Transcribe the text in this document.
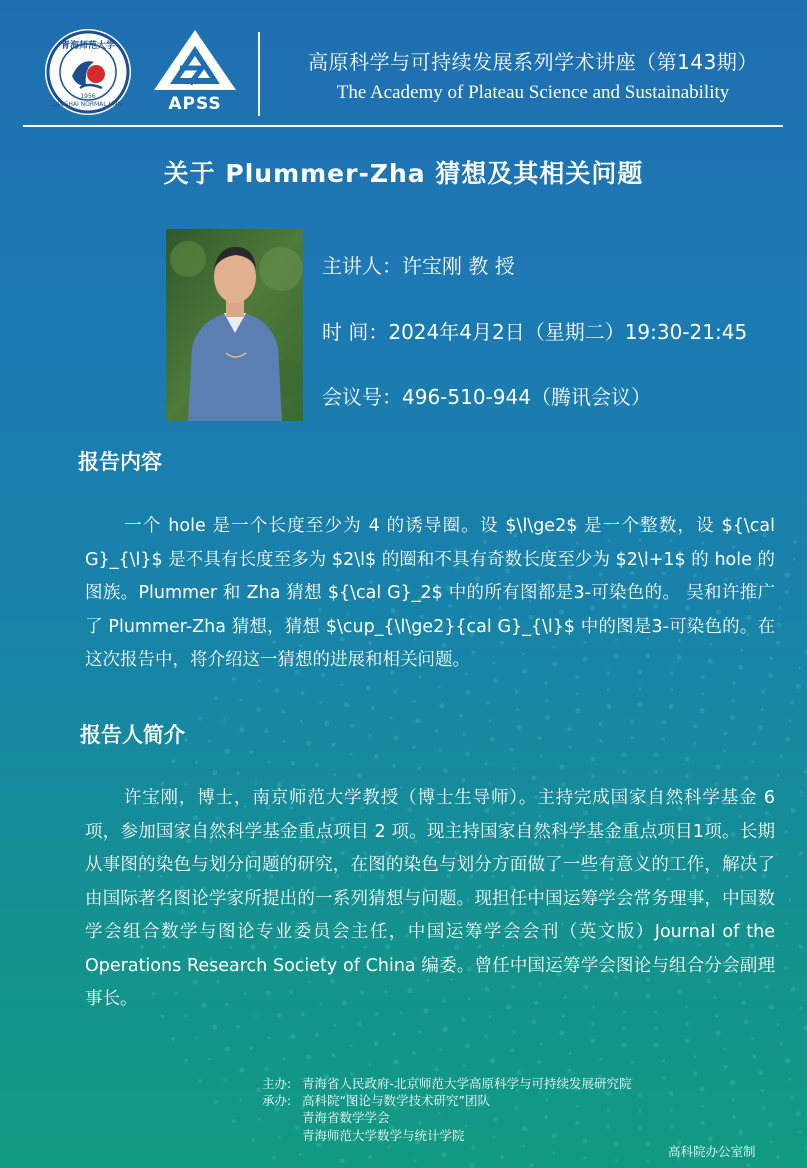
青海师范大学
QINGHAI NORMAL UNIV
1956	APSS
高原科学与可持续发展系列学术讲座（第143期）
The Academy of Plateau Science and Sustainability
关于 Plummer-Zha 猜想及其相关问题
主讲人：许宝刚 教 授
时 间：2024年4月2日（星期二）19:30-21:45
会议号：496-510-944（腾讯会议）
报告内容
一个 hole 是一个长度至少为 4 的诱导圈。设 $\l\ge2$ 是一个整数，设 ${\cal G}_{\l}$ 是不具有长度至多为 $2\l$ 的圈和不具有奇数长度至少为 $2\l+1$ 的 hole 的图族。Plummer 和 Zha 猜想 ${\cal G}_2$ 中的所有图都是3-可染色的。 吴和许推广了 Plummer-Zha 猜想，猜想 $\cup_{\l\ge2}{cal G}_{\l}$ 中的图是3-可染色的。在这次报告中，将介绍这一猜想的进展和相关问题。
报告人简介
许宝刚，博士，南京师范大学教授（博士生导师）。主持完成国家自然科学基金 6 项，参加国家自然科学基金重点项目 2 项。现主持国家自然科学基金重点项目1项。长期从事图的染色与划分问题的研究，在图的染色与划分方面做了一些有意义的工作，解决了由国际著名图论学家所提出的一系列猜想与问题。现担任中国运筹学会常务理事，中国数学会组合数学与图论专业委员会主任，中国运筹学会会刊（英文版）Journal of the Operations Research Society of China 编委。曾任中国运筹学会图论与组合分会副理事长。
主办: 青海省人民政府-北京师范大学高原科学与可持续发展研究院
承办: 高科院“图论与数学技术研究”团队
青海省数学学会
青海师范大学数学与统计学院
高科院办公室制
